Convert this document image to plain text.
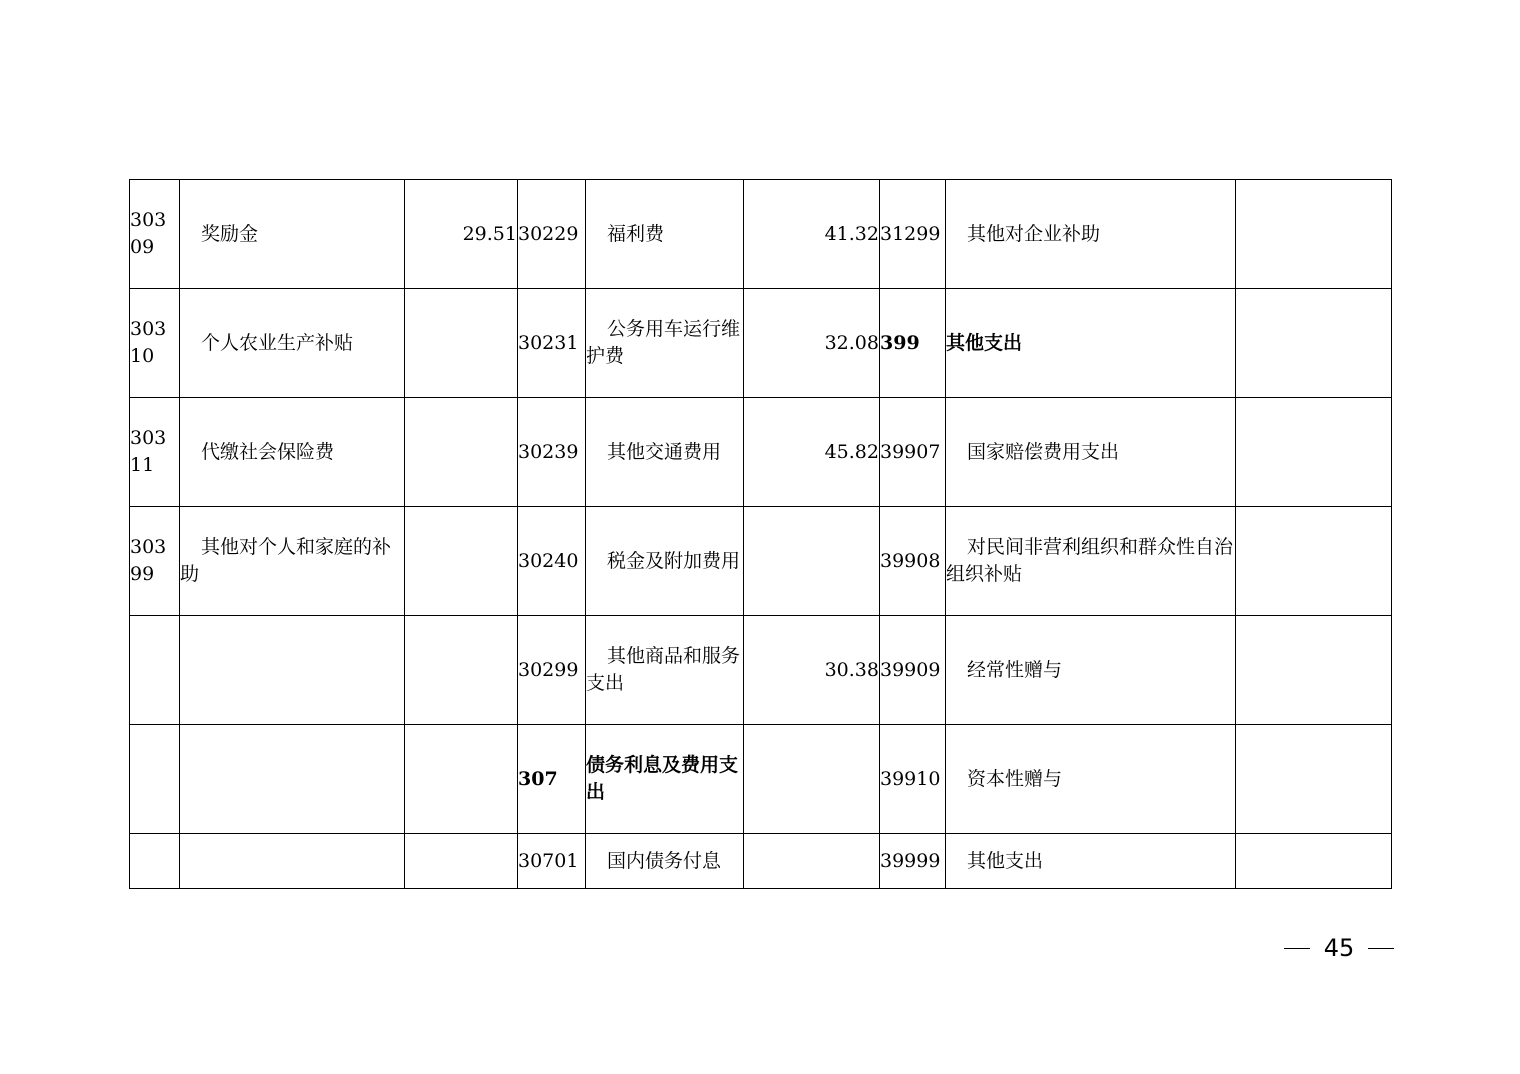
30309	奖励金	29.51	30229	福利费	41.32	31299	其他对企业补助	

30310	个人农业生产补贴		30231	公务用车运行维护费	32.08	399	其他支出	

30311	代缴社会保险费		30239	其他交通费用	45.82	39907	国家赔偿费用支出	

30399	其他对个人和家庭的补助		30240	税金及附加费用		39908	对民间非营利组织和群众性自治组织补贴	

			30299	其他商品和服务支出	30.38	39909	经常性赠与	

			307	债务利息及费用支出		39910	资本性赠与	

			30701	国内债务付息		39999	其他支出	
45
